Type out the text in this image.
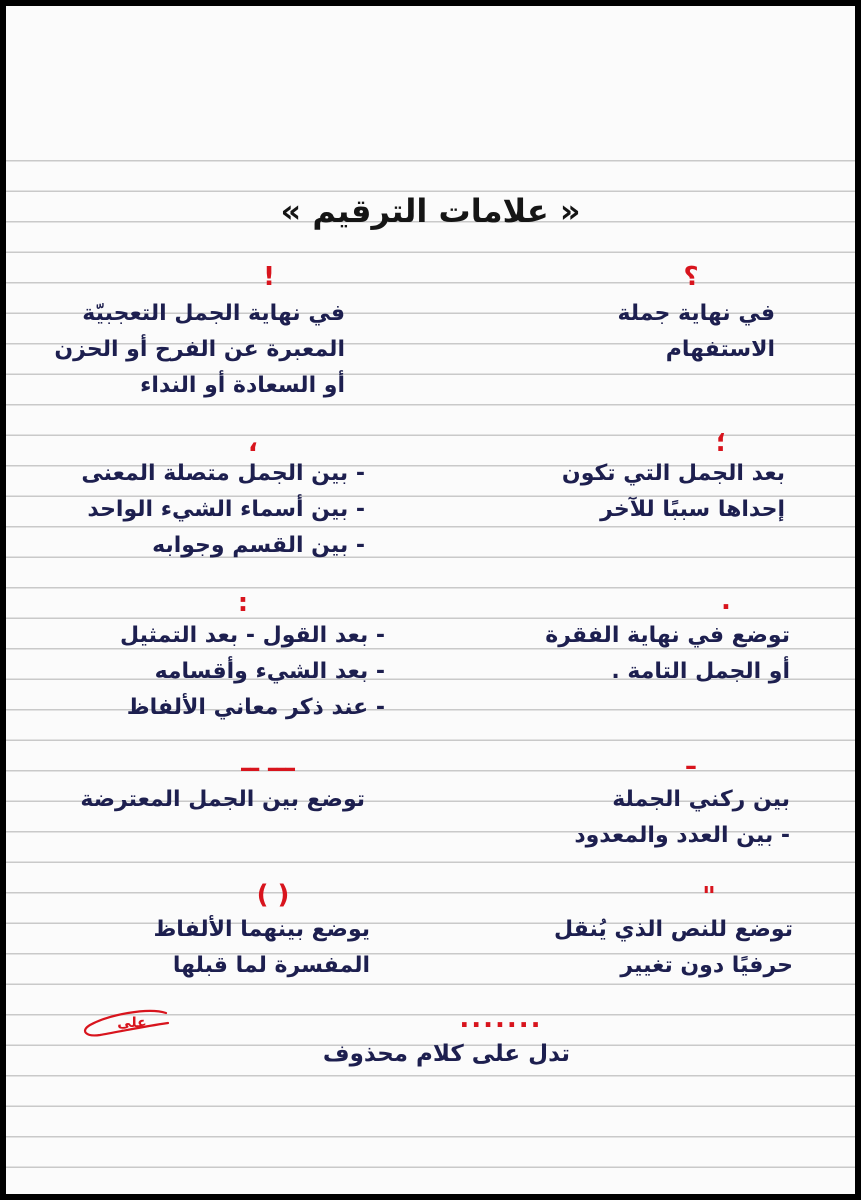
« علامات الترقيم »
؟
في نهاية جملة
الاستفهام
!
في نهاية الجمل التعجبيّة
المعبرة عن الفرح أو الحزن
أو السعادة أو النداء
؛
بعد الجمل التي تكون
إحداها سببًا للآخر
،
- بين الجمل متصلة المعنى
- بين أسماء الشيء الواحد
- بين القسم وجوابه
.
توضع في نهاية الفقرة
أو الجمل التامة .
:
- بعد القول - بعد التمثيل
- بعد الشيء وأقسامه
- عند ذكر معاني الألفاظ
ـ
بين ركني الجملة
- بين العدد والمعدود
ـــ ــ
توضع بين الجمل المعترضة
"
توضع للنص الذي يُنقل
حرفيًا دون تغيير
( )
يوضع بينهما الألفاظ
المفسرة لما قبلها
.......
تدل على كلام محذوف
علي
